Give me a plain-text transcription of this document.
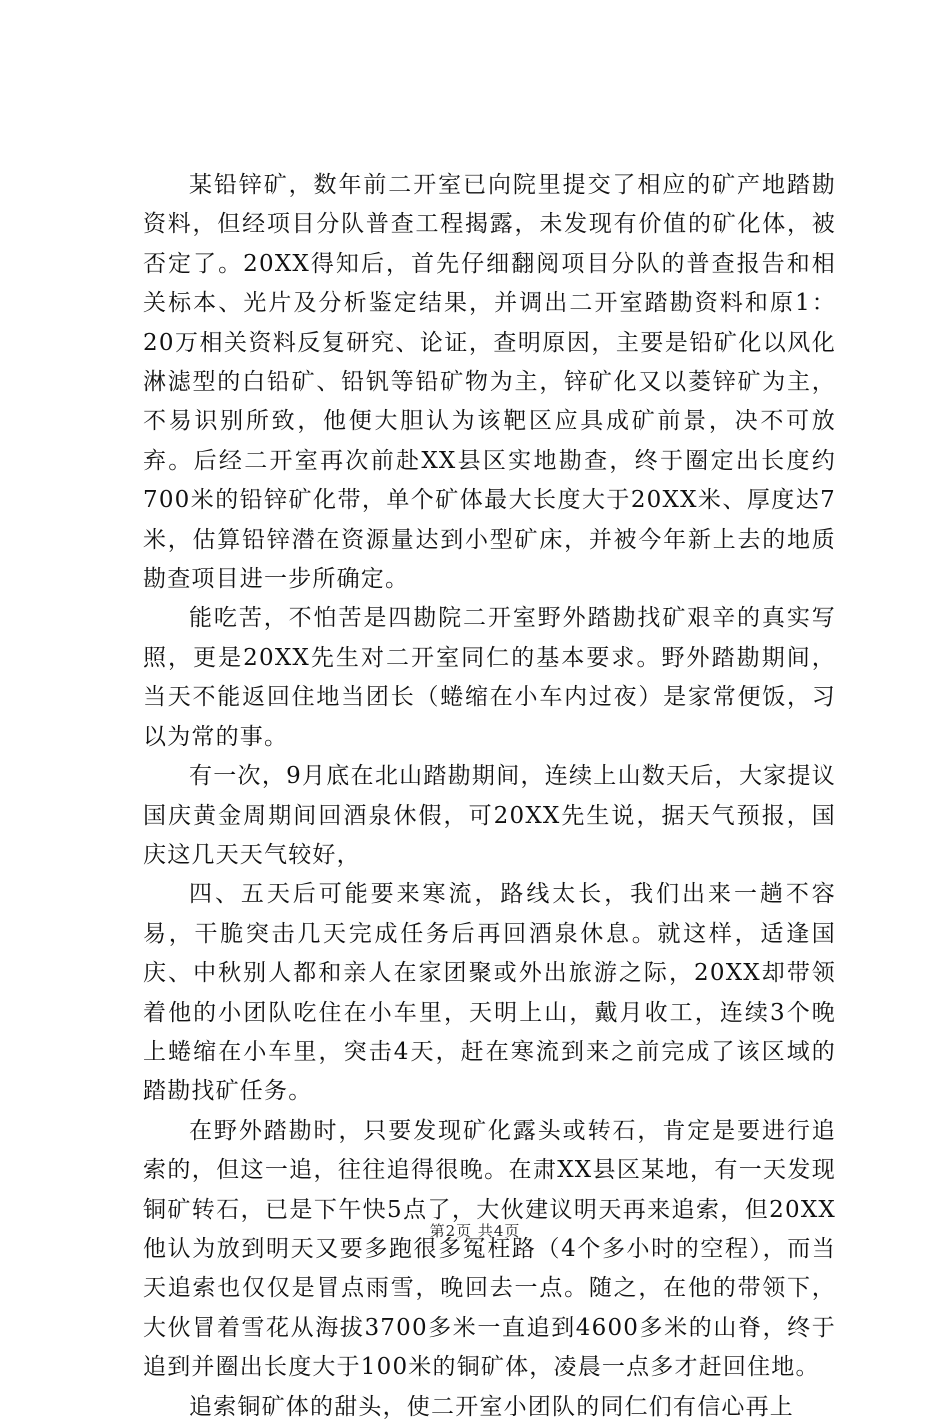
某铅锌矿，数年前二开室已向院里提交了相应的矿产地踏勘资料，但经项目分队普查工程揭露，未发现有价值的矿化体，被否定了。20XX得知后，首先仔细翻阅项目分队的普查报告和相关标本、光片及分析鉴定结果，并调出二开室踏勘资料和原1：20万相关资料反复研究、论证，查明原因，主要是铅矿化以风化淋滤型的白铅矿、铅钒等铅矿物为主，锌矿化又以菱锌矿为主，不易识别所致，他便大胆认为该靶区应具成矿前景，决不可放弃。后经二开室再次前赴XX县区实地勘查，终于圈定出长度约700米的铅锌矿化带，单个矿体最大长度大于20XX米、厚度达7米，估算铅锌潜在资源量达到小型矿床，并被今年新上去的地质勘查项目进一步所确定。

能吃苦，不怕苦是四勘院二开室野外踏勘找矿艰辛的真实写照，更是20XX先生对二开室同仁的基本要求。野外踏勘期间，当天不能返回住地当团长（蜷缩在小车内过夜）是家常便饭，习以为常的事。

有一次，9月底在北山踏勘期间，连续上山数天后，大家提议国庆黄金周期间回酒泉休假，可20XX先生说，据天气预报，国庆这几天天气较好，

四、五天后可能要来寒流，路线太长，我们出来一趟不容易，干脆突击几天完成任务后再回酒泉休息。就这样，适逢国庆、中秋别人都和亲人在家团聚或外出旅游之际，20XX却带领着他的小团队吃住在小车里，天明上山，戴月收工，连续3个晚上蜷缩在小车里，突击4天，赶在寒流到来之前完成了该区域的踏勘找矿任务。

在野外踏勘时，只要发现矿化露头或转石，肯定是要进行追索的，但这一追，往往追得很晚。在肃XX县区某地，有一天发现铜矿转石，已是下午快5点了，大伙建议明天再来追索，但20XX他认为放到明天又要多跑很多冤枉路（4个多小时的空程），而当天追索也仅仅是冒点雨雪，晚回去一点。随之，在他的带领下，大伙冒着雪花从海拔3700多米一直追到4600多米的山脊，终于追到并圈出长度大于100米的铜矿体，凌晨一点多才赶回住地。

追索铜矿体的甜头，使二开室小团队的同仁们有信心再上

第2页 共4页
